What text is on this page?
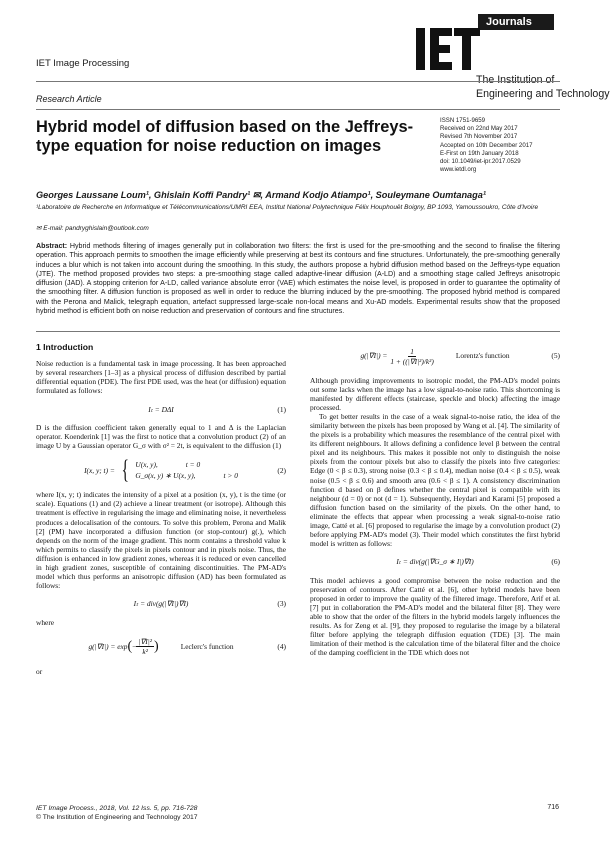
IET Image Processing
Journals
The Institution of
Engineering and Technology
Research Article
Hybrid model of diffusion based on the Jeffreys-type equation for noise reduction on images
ISSN 1751-9659
Received on 22nd May 2017
Revised 7th November 2017
Accepted on 10th December 2017
E-First on 19th January 2018
doi: 10.1049/iet-ipr.2017.0529
www.ietdl.org
Georges Laussane Loum¹, Ghislain Koffi Pandry¹ ✉, Armand Kodjo Atiampo¹, Souleymane Oumtanaga¹
¹Laboratoire de Recherche en Informatique et Télécommunications/UMRI EEA, Institut National Polytechnique Félix Houphouët Boigny, BP 1093, Yamoussoukro, Côte d'Ivoire
✉ E-mail: pandryghislain@outlook.com
Abstract: Hybrid methods filtering of images generally put in collaboration two filters: the first is used for the pre-smoothing and the second to finalise the filtering operation. This approach permits to smoothen the image efficiently while preserving at best its contours and fine structures. Unfortunately, the pre-smoothing generally induces a blur which is not taken into account during the smoothing. In this study, the authors propose a hybrid diffusion method based on the Jeffreys-type equation (JTE). The method proposed provides two steps: a pre-smoothing stage called adaptive-linear diffusion (A-LD) and a smoothing stage called Jeffreys anisotropic diffusion (JAD). A stopping criterion for A-LD, called variance absolute error (VAE) which estimates the noise level, is proposed in order to guarantee the optimality of the smoothing filter. A diffusion function is proposed as well in order to reduce the blurring induced by the pre-smoothing. The proposed hybrid method is compared with the Perona and Malick, telegraph equation, artefact suppressed large-scale non-local means and Xu-AD models. Experimental results show that the proposed hybrid method is efficient both on noise reduction and preservation of contours and fine structures.
1 Introduction

Noise reduction is a fundamental task in image processing. It has been approached by several researchers [1–3] as a physical process of diffusion described by partial differential equation (PDE). The first PDE used, was the heat (or diffusion) equation formulated as follows:

Iₜ = DΔI	(1)

D is the diffusion coefficient taken generally equal to 1 and Δ is the Laplacian operator. Koenderink [1] was the first to notice that a convolution product (2) of an image U by a Gaussian operator G_σ with σ² = 2t, is equivalent to the diffusion (1)

I(x, y; t) = { U(x, y),	t = 0
G_σ(x, y) ∗ U(x, y),	t > 0
(2)

where I(x, y; t) indicates the intensity of a pixel at a position (x, y), t is the time (or scale). Equations (1) and (2) achieve a linear treatment (or isotrope). Although this treatment is effective in regularising the image and eliminating noise, it nevertheless produces a delocalisation of the contours. To solve this problem, Perona and Malik [2] (PM) have incorporated a diffusion function (or stop-contour) g(.), which depends on the norm of the image gradient. This norm contains a threshold value k which permits to classify the pixels in pixels contour and in pixels noise. Thus, the diffusion is enhanced in low gradient zones, whereas it is reduced or even cancelled in high gradient zones, susceptible of containing discontinuities. The PM-AD's model which thus performs an anisotropic diffusion (AD) has been formulated as follows:

Iₜ = div(g(|∇I|)∇I)	(3)

where

g(|∇I|) = exp ( − $\frac{\text{|∇I|²}}{\text{k²}}$ )	Leclerc's function	(4)

or

$g(|\nabla I|) = \frac{1}{\text{1 + ((|∇I|²)/k²)}}$	Lorentz's function	(5)

Although providing improvements to isotropic model, the PM-AD's model points out some lacks when the image has a low signal-to-noise ratio. This shortcoming is manifested by different effects (staircase, speckle and block) affecting the image processed.

To get better results in the case of a weak signal-to-noise ratio, the idea of the similarity between the pixels has been proposed by Wang et al. [4]. The similarity of the pixels is a probability which measures the resemblance of the central pixel with its different neighbours. It allows defining a confidence level β between the central pixel and its neighbours. This makes it possible not only to distinguish the noise pixels from the contour pixels but also to classify the pixels into five categories: Edge (0 < β ≤ 0.3), strong noise (0.3 < β ≤ 0.4), median noise (0.4 < β ≤ 0.5), weak noise (0.5 < β ≤ 0.6) and smooth area (0.6 < β ≤ 1). A consistency discrimination function d based on β defines whether the central pixel is compatible with its neighbour (d = 0) or not (d = 1). Subsequently, Heydari and Karami [5] proposed a diffusion function based on the similarity of the pixels. On the other hand, to eliminate the effects that appear when processing a weak signal-to-noise ratio image, Catté et al. [6] proposed to regularise the image by a convolution product (2) before applying PM-AD's model (3). Their model which constitutes the first hybrid model is written as follows:

Iₜ = div(g(|∇G_σ ∗ I|)∇I)	(6)

This model achieves a good compromise between the noise reduction and the preservation of contours. After Catté et al. [6], other hybrid models have been proposed in order to improve the quality of the filtered image. Therefore, Arif et al. [7] put in collaboration the PM-AD's model and the bilateral filter [8]. They were able to show that the order of the filters in the hybrid models largely influences the results. As for Zeng et al. [9], they proposed to regularise the image by a bilateral filter before applying the telegraph diffusion equation (TDE) [3]. The main limitation of their method is the calculation time of the bilateral filter and the choice of the damping coefficient in the TDE which does not

IET Image Process., 2018, Vol. 12 Iss. 5, pp. 716-728
© The Institution of Engineering and Technology 2017
716
